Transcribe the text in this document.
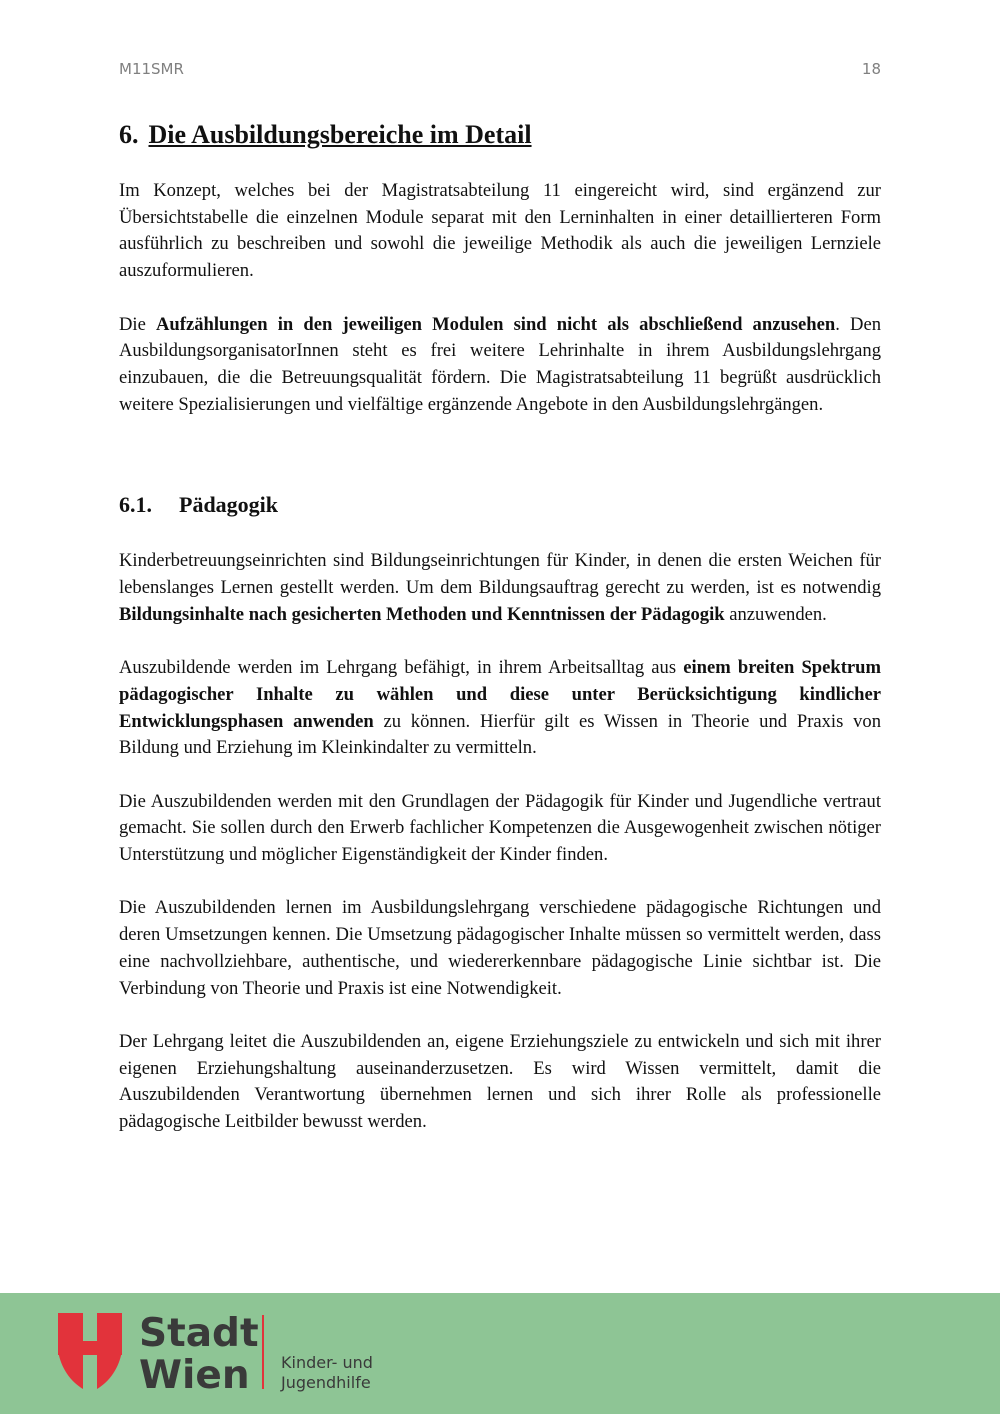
M11SMR	18
6. Die Ausbildungsbereiche im Detail

Im Konzept, welches bei der Magistratsabteilung 11 eingereicht wird, sind ergänzend zur Übersichtstabelle die einzelnen Module separat mit den Lerninhalten in einer detaillierteren Form ausführlich zu beschreiben und sowohl die jeweilige Methodik als auch die jeweiligen Lernziele auszuformulieren.

Die Aufzählungen in den jeweiligen Modulen sind nicht als abschließend anzusehen. Den AusbildungsorganisatorInnen steht es frei weitere Lehrinhalte in ihrem Ausbildungslehrgang einzubauen, die die Betreuungsqualität fördern. Die Magistratsabteilung 11 begrüßt ausdrücklich weitere Spezialisierungen und vielfältige ergänzende Angebote in den Ausbildungslehrgängen.

6.1. Pädagogik

Kinderbetreuungseinrichten sind Bildungseinrichtungen für Kinder, in denen die ersten Weichen für lebenslanges Lernen gestellt werden. Um dem Bildungsauftrag gerecht zu werden, ist es notwendig Bildungsinhalte nach gesicherten Methoden und Kenntnissen der Pädagogik anzuwenden.

Auszubildende werden im Lehrgang befähigt, in ihrem Arbeitsalltag aus einem breiten Spektrum pädagogischer Inhalte zu wählen und diese unter Berücksichtigung kindlicher Entwicklungsphasen anwenden zu können. Hierfür gilt es Wissen in Theorie und Praxis von Bildung und Erziehung im Kleinkindalter zu vermitteln.

Die Auszubildenden werden mit den Grundlagen der Pädagogik für Kinder und Jugendliche vertraut gemacht. Sie sollen durch den Erwerb fachlicher Kompetenzen die Ausgewogenheit zwischen nötiger Unterstützung und möglicher Eigenständigkeit der Kinder finden.

Die Auszubildenden lernen im Ausbildungslehrgang verschiedene pädagogische Richtungen und deren Umsetzungen kennen. Die Umsetzung pädagogischer Inhalte müssen so vermittelt werden, dass eine nachvollziehbare, authentische, und wiedererkennbare pädagogische Linie sichtbar ist. Die Verbindung von Theorie und Praxis ist eine Notwendigkeit.

Der Lehrgang leitet die Auszubildenden an, eigene Erziehungsziele zu entwickeln und sich mit ihrer eigenen Erziehungshaltung auseinanderzusetzen. Es wird Wissen vermittelt, damit die Auszubildenden Verantwortung übernehmen lernen und sich ihrer Rolle als professionelle pädagogische Leitbilder bewusst werden.

Stadt
Wien	Kinder- und
Jugendhilfe
